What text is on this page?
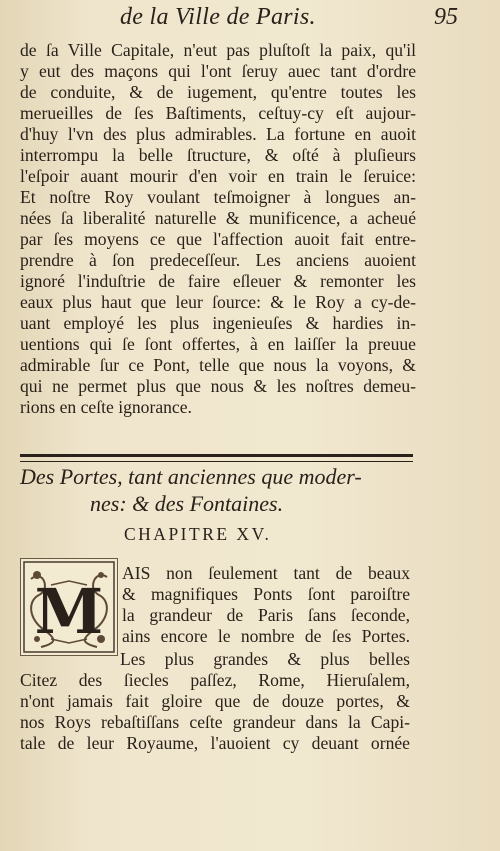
de la Ville de Paris.	95
de ſa Ville Capitale, n'eut pas pluſtoſt la paix, qu'il
y eut des maçons qui l'ont ſeruy auec tant d'ordre
de conduite, & de iugement, qu'entre toutes les
merueilles de ſes Baſtiments, ceſtuy-cy eſt aujour-
d'huy l'vn des plus admirables. La fortune en auoit
interrompu la belle ſtructure, & oſté à pluſieurs
l'eſpoir auant mourir d'en voir en train le ſeruice:
Et noſtre Roy voulant teſmoigner à longues an-
nées ſa liberalité naturelle & munificence, a acheué
par ſes moyens ce que l'affection auoit fait entre-
prendre à ſon predeceſſeur. Les anciens auoient
ignoré l'induſtrie de faire eſleuer & remonter les
eaux plus haut que leur ſource: & le Roy a cy-de-
uant employé les plus ingenieuſes & hardies in-
uentions qui ſe ſont offertes, à en laiſſer la preuue
admirable ſur ce Pont, telle que nous la voyons, &
qui ne permet plus que nous & les noſtres demeu-
rions en ceſte ignorance.
Des Portes, tant anciennes que moder-
nes: & des Fontaines.
CHAPITRE XV.
M
AIS non ſeulement tant de beaux
& magnifiques Ponts ſont paroiſtre
la grandeur de Paris ſans ſeconde,
ains encore le nombre de ſes Portes.
Les plus grandes & plus belles
Citez des ſiecles paſſez, Rome, Hieruſalem,
n'ont jamais fait gloire que de douze portes, &
nos Roys rebaſtiſſans ceſte grandeur dans la Capi-
tale de leur Royaume, l'auoient cy deuant ornée
